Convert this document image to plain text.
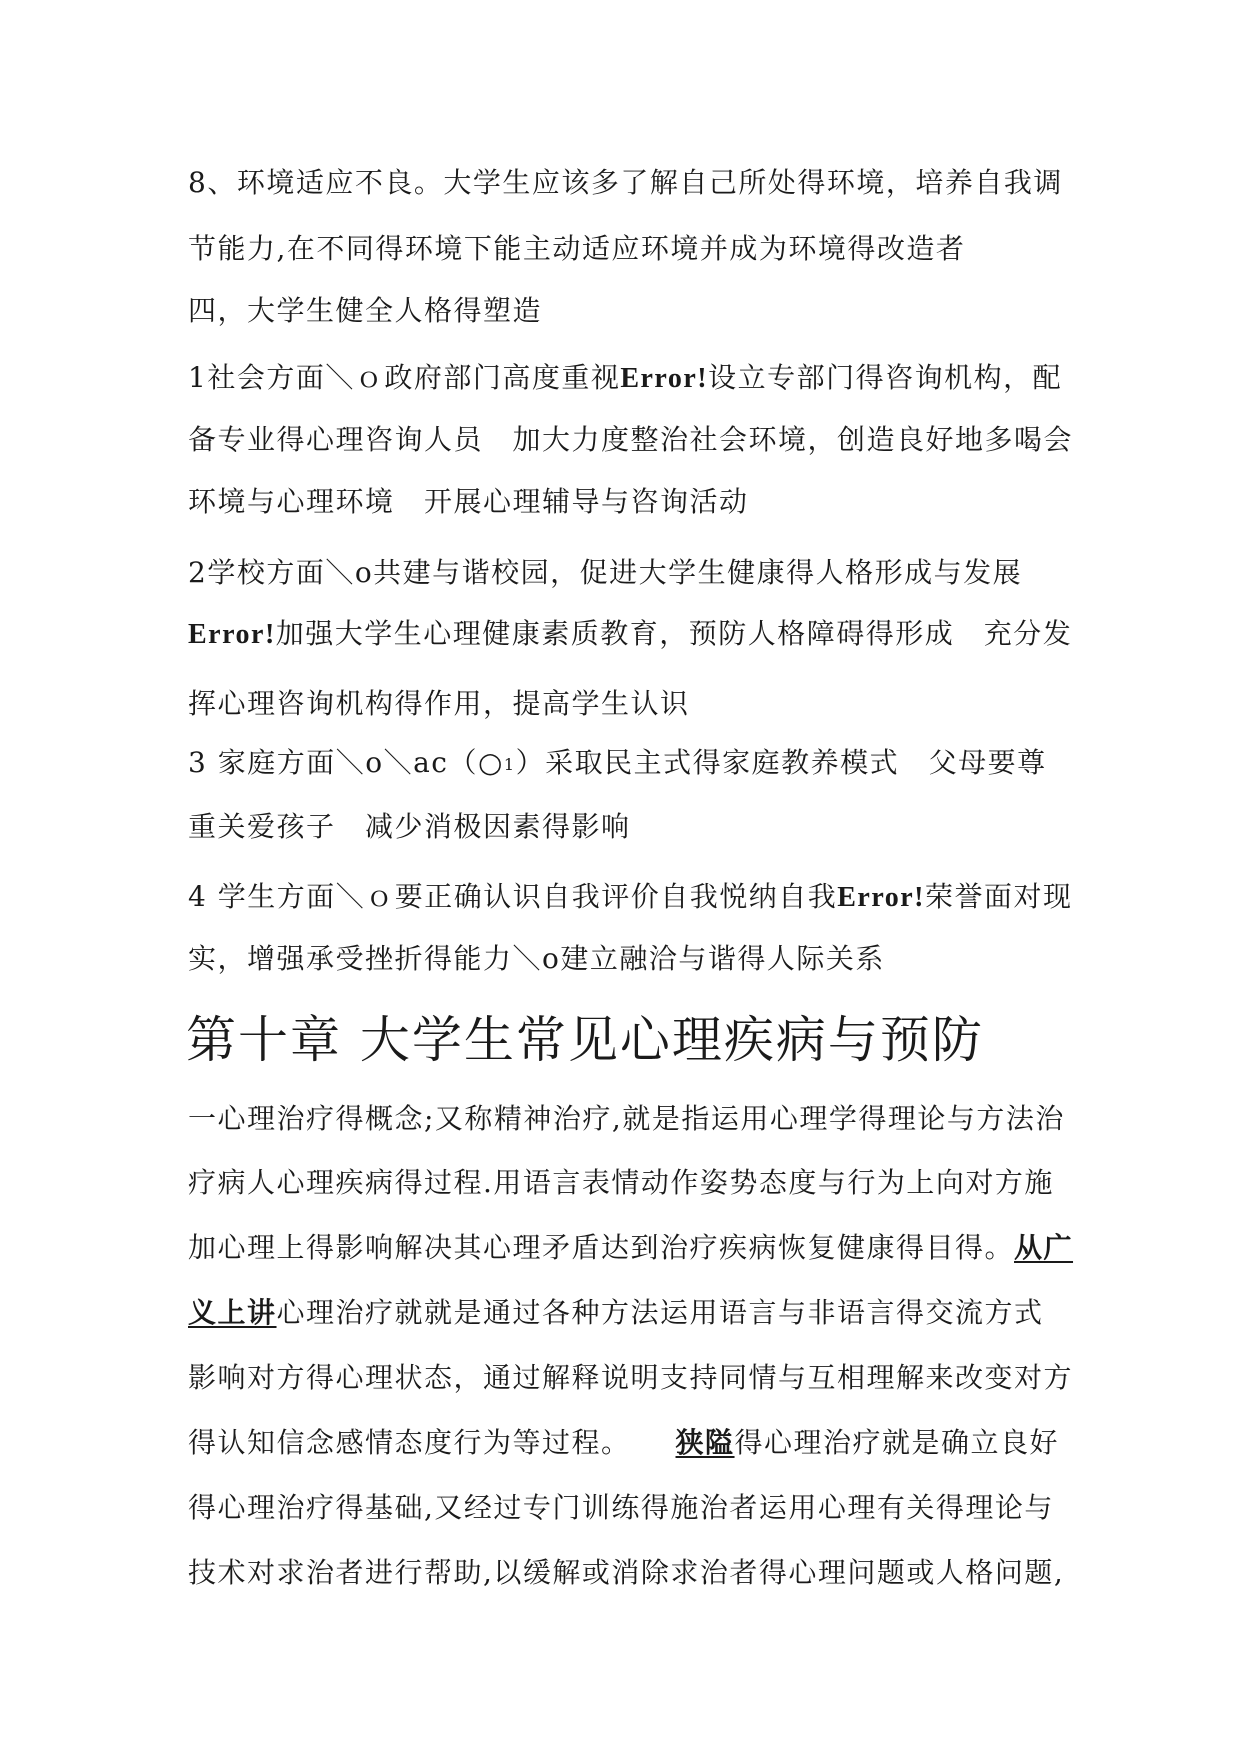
8、环境适应不良。大学生应该多了解自己所处得环境，培养自我调
节能力,在不同得环境下能主动适应环境并成为环境得改造者
四，大学生健全人格得塑造
1社会方面＼ｏ政府部门高度重视Error!设立专部门得咨询机构，配
备专业得心理咨询人员　加大力度整治社会环境，创造良好地多喝会
环境与心理环境　开展心理辅导与咨询活动
2学校方面＼o共建与谐校园，促进大学生健康得人格形成与发展
Error!加强大学生心理健康素质教育，预防人格障碍得形成　充分发
挥心理咨询机构得作用，提高学生认识
3 家庭方面＼o＼ac（○1）采取民主式得家庭教养模式　父母要尊
重关爱孩子　减少消极因素得影响
4 学生方面＼ｏ要正确认识自我评价自我悦纳自我Error!荣誉面对现
实，增强承受挫折得能力＼o建立融洽与谐得人际关系
第十章 大学生常见心理疾病与预防
一心理治疗得概念;又称精神治疗,就是指运用心理学得理论与方法治
疗病人心理疾病得过程.用语言表情动作姿势态度与行为上向对方施
加心理上得影响解决其心理矛盾达到治疗疾病恢复健康得目得。从广
义上讲心理治疗就就是通过各种方法运用语言与非语言得交流方式
影响对方得心理状态，通过解释说明支持同情与互相理解来改变对方
得认知信念感情态度行为等过程。　　狭隘得心理治疗就是确立良好
得心理治疗得基础,又经过专门训练得施治者运用心理有关得理论与
技术对求治者进行帮助,以缓解或消除求治者得心理问题或人格问题,
